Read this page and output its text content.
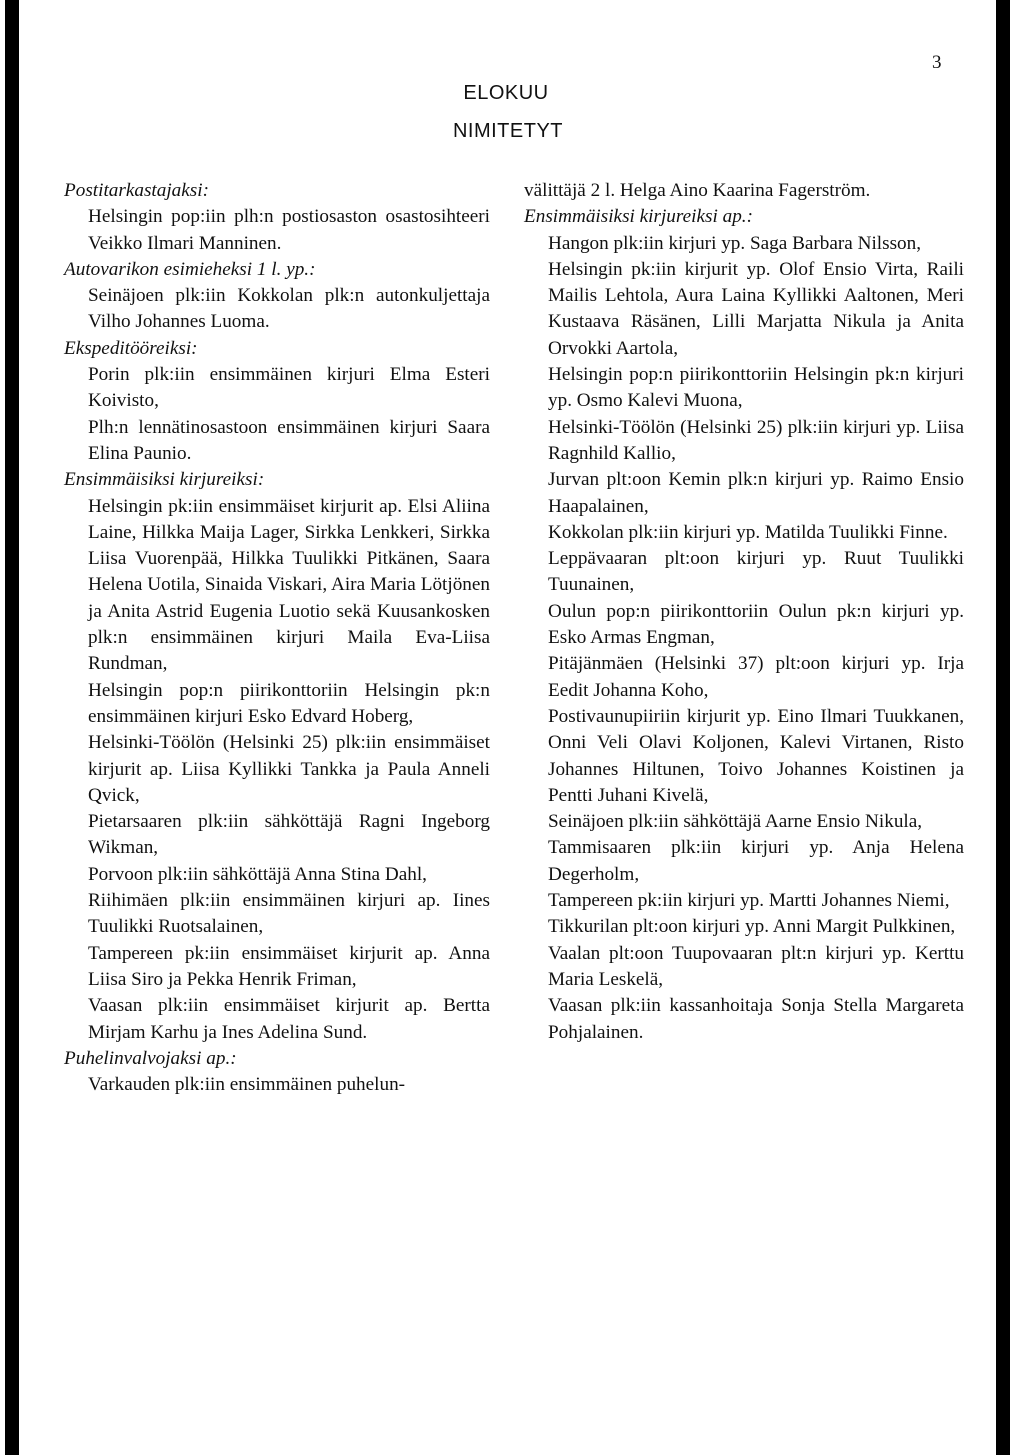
3
ELOKUU
NIMITETYT
Postitarkastajaksi:
Helsingin pop:iin plh:n postiosaston osastosihteeri Veikko Ilmari Manninen.
Autovarikon esimieheksi 1 l. yp.:
Seinäjoen plk:iin Kokkolan plk:n autonkuljettaja Vilho Johannes Luoma.
Ekspeditööreiksi:
Porin plk:iin ensimmäinen kirjuri Elma Esteri Koivisto,
Plh:n lennätinosastoon ensimmäinen kirjuri Saara Elina Paunio.
Ensimmäisiksi kirjureiksi:
Helsingin pk:iin ensimmäiset kirjurit ap. Elsi Aliina Laine, Hilkka Maija Lager, Sirkka Lenkkeri, Sirkka Liisa Vuorenpää, Hilkka Tuulikki Pitkänen, Saara Helena Uotila, Sinaida Viskari, Aira Maria Lötjönen ja Anita Astrid Eugenia Luotio sekä Kuusankosken plk:n ensimmäinen kirjuri Maila Eva-Liisa Rundman,
Helsingin pop:n piirikonttoriin Helsingin pk:n ensimmäinen kirjuri Esko Edvard Hoberg,
Helsinki-Töölön (Helsinki 25) plk:iin ensimmäiset kirjurit ap. Liisa Kyllikki Tankka ja Paula Anneli Qvick,
Pietarsaaren plk:iin sähköttäjä Ragni Ingeborg Wikman,
Porvoon plk:iin sähköttäjä Anna Stina Dahl,
Riihimäen plk:iin ensimmäinen kirjuri ap. Iines Tuulikki Ruotsalainen,
Tampereen pk:iin ensimmäiset kirjurit ap. Anna Liisa Siro ja Pekka Henrik Friman,
Vaasan plk:iin ensimmäiset kirjurit ap. Bertta Mirjam Karhu ja Ines Adelina Sund.
Puhelinvalvojaksi ap.:
Varkauden plk:iin ensimmäinen puhelun-
välittäjä 2 l. Helga Aino Kaarina Fagerström.
Ensimmäisiksi kirjureiksi ap.:
Hangon plk:iin kirjuri yp. Saga Barbara Nilsson,
Helsingin pk:iin kirjurit yp. Olof Ensio Virta, Raili Mailis Lehtola, Aura Laina Kyllikki Aaltonen, Meri Kustaava Räsänen, Lilli Marjatta Nikula ja Anita Orvokki Aartola,
Helsingin pop:n piirikonttoriin Helsingin pk:n kirjuri yp. Osmo Kalevi Muona,
Helsinki-Töölön (Helsinki 25) plk:iin kirjuri yp. Liisa Ragnhild Kallio,
Jurvan plt:oon Kemin plk:n kirjuri yp. Raimo Ensio Haapalainen,
Kokkolan plk:iin kirjuri yp. Matilda Tuulikki Finne.
Leppävaaran plt:oon kirjuri yp. Ruut Tuulikki Tuunainen,
Oulun pop:n piirikonttoriin Oulun pk:n kirjuri yp. Esko Armas Engman,
Pitäjänmäen (Helsinki 37) plt:oon kirjuri yp. Irja Eedit Johanna Koho,
Postivaunupiiriin kirjurit yp. Eino Ilmari Tuukkanen, Onni Veli Olavi Koljonen, Kalevi Virtanen, Risto Johannes Hiltunen, Toivo Johannes Koistinen ja Pentti Juhani Kivelä,
Seinäjoen plk:iin sähköttäjä Aarne Ensio Nikula,
Tammisaaren plk:iin kirjuri yp. Anja Helena Degerholm,
Tampereen pk:iin kirjuri yp. Martti Johannes Niemi,
Tikkurilan plt:oon kirjuri yp. Anni Margit Pulkkinen,
Vaalan plt:oon Tuupovaaran plt:n kirjuri yp. Kerttu Maria Leskelä,
Vaasan plk:iin kassanhoitaja Sonja Stella Margareta Pohjalainen.
